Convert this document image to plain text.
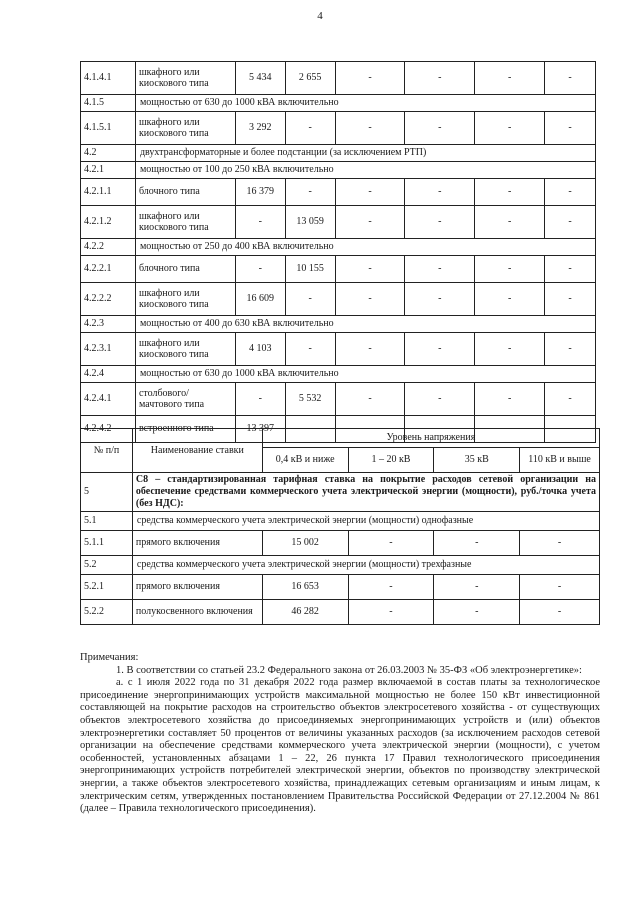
4
4.1.4.1	шкафного или киоскового типа	5 434	2 655	-	-	-	-
4.1.5	мощностью от 630 до 1000 кВА включительно						
4.1.5.1	шкафного или киоскового типа	3 292	-	-	-	-	-
4.2	двухтрансформаторные и более подстанции (за исключением РТП)						
4.2.1	мощностью от 100 до 250 кВА включительно						
4.2.1.1	блочного типа	16 379	-	-	-	-	-
4.2.1.2	шкафного или киоскового типа	-	13 059	-	-	-	-
4.2.2	мощностью от 250 до 400 кВА включительно						
4.2.2.1	блочного типа	-	10 155	-	-	-	-
4.2.2.2	шкафного или киоскового типа	16 609	-	-	-	-	-
4.2.3	мощностью от 400 до 630 кВА включительно						
4.2.3.1	шкафного или киоскового типа	4 103	-	-	-	-	-
4.2.4	мощностью от 630 до 1000 кВА включительно						
4.2.4.1	столбового/ мачтового типа	-	5 532	-	-	-	-
4.2.4.2	встроенного типа	13 397	-	-	-	-	-
№ п/п	Наименование ставки	Уровень напряжения			
		0,4 кВ и ниже	1 – 20 кВ	35 кВ	110 кВ и выше
5	С8 – стандартизированная тарифная ставка на покрытие расходов сетевой организации на обеспечение средствами коммерческого учета электрической энергии (мощности), руб./точка учета (без НДС):				
5.1	средства коммерческого учета электрической энергии (мощности) однофазные				
5.1.1	прямого включения	15 002	-	-	-
5.2	средства коммерческого учета электрической энергии (мощности) трехфазные				
5.2.1	прямого включения	16 653	-	-	-
5.2.2	полукосвенного включения	46 282	-	-	-

Примечания:

1. В соответствии со статьей 23.2 Федерального закона от 26.03.2003 № 35-ФЗ «Об электроэнергетике»:

а. с 1 июля 2022 года по 31 декабря 2022 года размер включаемой в состав платы за технологическое присоединение энергопринимающих устройств максимальной мощностью не более 150 кВт инвестиционной составляющей на покрытие расходов на строительство объектов электросетевого хозяйства - от существующих объектов электросетевого хозяйства до присоединяемых энергопринимающих устройств и (или) объектов электроэнергетики составляет 50 процентов от величины указанных расходов (за исключением расходов сетевой организации на обеспечение средствами коммерческого учета электрической энергии (мощности), с учетом особенностей, установленных абзацами 1 – 22, 26 пункта 17 Правил технологического присоединения энергопринимающих устройств потребителей электрической энергии, объектов по производству электрической энергии, а также объектов электросетевого хозяйства, принадлежащих сетевым организациям и иным лицам, к электрическим сетям, утвержденных постановлением Правительства Российской Федерации от 27.12.2004 № 861 (далее – Правила технологического присоединения).
